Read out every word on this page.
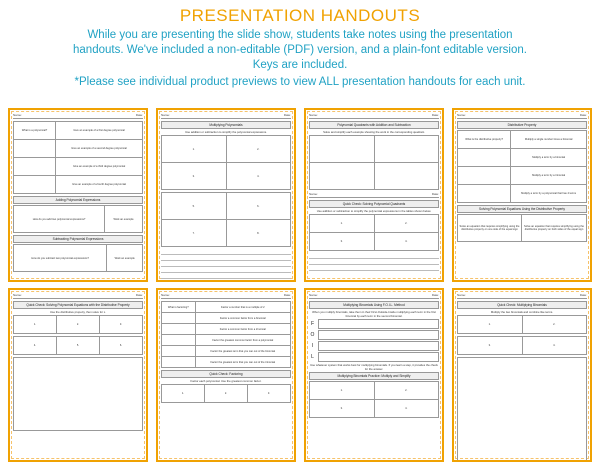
PRESENTATION HANDOUTS
While you are presenting the slide show, students take notes using the presentation
handouts. We've included a non-editable (PDF) version, and a plain-font editable version.
Keys are included.
*Please see individual product previews to view ALL presentation handouts for each unit.
Name:	Date:
What is a polynomial?	Give an example of a first degree polynomial
	Give an example of a second degree polynomial
	Give an example of a third degree polynomial
	Give an example of a fourth degree polynomial
Adding Polynomial Expressions
How do you add two polynomial expressions?	Work an example
Subtracting Polynomial Expressions
How do you subtract two polynomial expressions?	Work an example
Name:	Date:
Multiplying Polynomials
Use addition or subtraction to simplify the polynomial expressions.
1.	2.
3.	4.
5.	6.
7.	8.
Name:	Date:
Polynomial Quadrants with Addition and Subtraction
Solve and simplify each example showing the work in the corresponding quadrant.

Name:	Date:
Quick Check: Solving Polynomial Quadrants
Use addition or subtraction to simplify the polynomial expressions in the tables shown below.
1.	2.
3.	4.
Name:	Date:
Distributive Property
What is the distributive property?	Multiply a single number times a binomial
	Multiply a term by a binomial
	Multiply a term by a trinomial
	Multiply a term by a polynomial that has 4 terms
Solving Polynomial Equations Using the Distributive Property
Solve an equation that requires simplifying using the distributive property on one side of the equal sign	Solve an equation that requires simplifying using the distributive property on both sides of the equal sign
Name:	Date:
Quick Check: Solving Polynomial Equations with the Distributive Property
Use the distributive property, then solve for x.
1.	2.	3.
4.	5.	6.
Name:	Date:
What is factoring?	Factor a number that is a multiple of 2
	Factor a common factor from a binomial
	Factor a common factor from a trinomial
	Factor the greatest common factor from a polynomial
	Factor the greatest term that you can out of the binomial
	Factor the greatest term that you can out of the trinomial
Quick Check: Factoring
Factor each polynomial. Use the greatest common factor.
1.	2.	3.
Name:	Date:
Multiplying Binomials Using F.O.I.L. Method
When you multiply binomials, take them in their First-Outside-Inside multiplying each term in the first binomial by each term in the second binomial.
F
O
I
L
Use whatever system that works best for multiplying binomials. If you learn a step, it provides the check for the answer.
Multiplying Binomials Practice: Multiply and Simplify
1.	2.
3.	4.
Name:	Date:
Quick Check: Multiplying Binomials
Multiply the two binomials and combine like terms.
1.	2.
3.	4.
